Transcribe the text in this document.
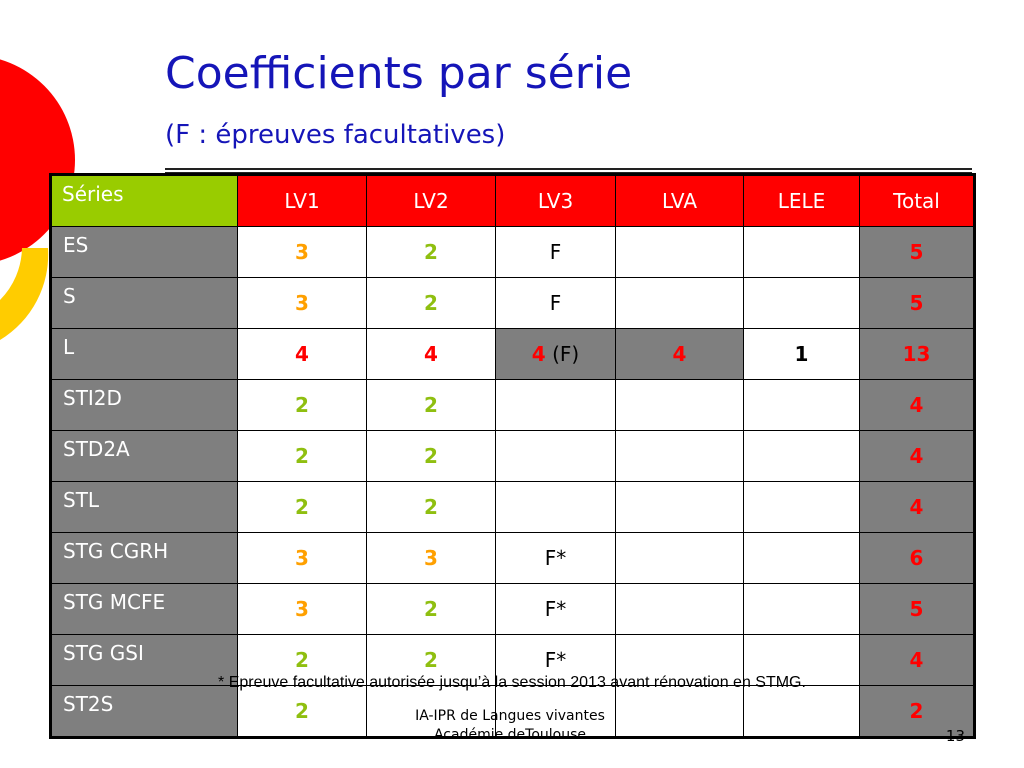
Coefficients par série
(F : épreuves facultatives)
Séries	LV1	LV2	LV3	LVA	LELE	Total
ES	3	2	F			5
S	3	2	F			5
L	4	4	4 (F)	4	1	13
STI2D	2	2				4
STD2A	2	2				4
STL	2	2				4
STG CGRH	3	3	F*			6
STG MCFE	3	2	F*			5
STG GSI	2	2	F*			4
ST2S	2					2
* Epreuve facultative autorisée jusqu’à la session 2013 avant rénovation en STMG.
IA-IPR de Langues vivantes
Académie deToulouse	13
